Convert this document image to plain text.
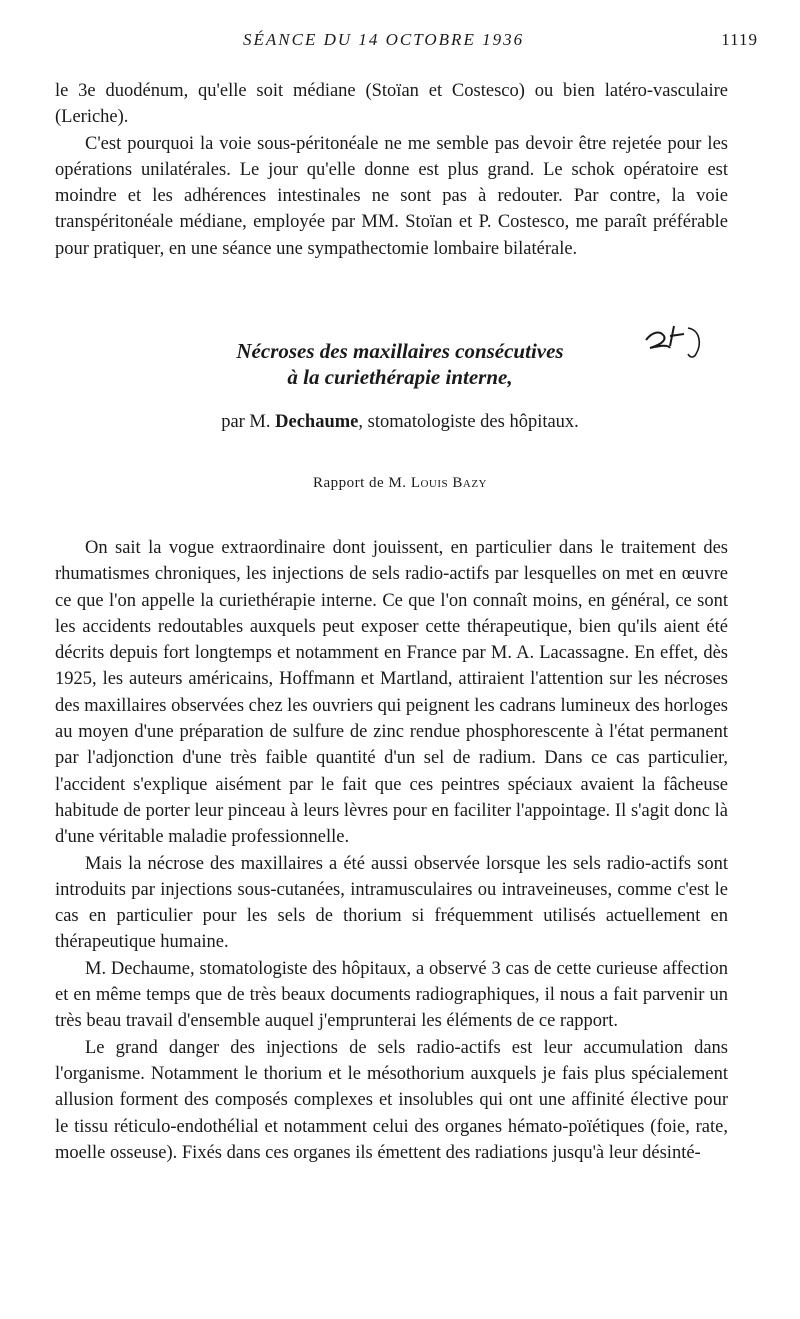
SÉANCE DU 14 OCTOBRE 1936	1119

le 3e duodénum, qu'elle soit médiane (Stoïan et Costesco) ou bien latéro-vasculaire (Leriche).

C'est pourquoi la voie sous-péritonéale ne me semble pas devoir être rejetée pour les opérations unilatérales. Le jour qu'elle donne est plus grand. Le schok opératoire est moindre et les adhérences intestinales ne sont pas à redouter. Par contre, la voie transpéritonéale médiane, employée par MM. Stoïan et P. Costesco, me paraît préférable pour pratiquer, en une séance une sympathectomie lombaire bilatérale.

Nécroses des maxillaires consécutives
à la curiethérapie interne,
par M. Dechaume, stomatologiste des hôpitaux.
Rapport de M. Louis Bazy

On sait la vogue extraordinaire dont jouissent, en particulier dans le traitement des rhumatismes chroniques, les injections de sels radio-actifs par lesquelles on met en œuvre ce que l'on appelle la curiethérapie interne. Ce que l'on connaît moins, en général, ce sont les accidents redoutables auxquels peut exposer cette thérapeutique, bien qu'ils aient été décrits depuis fort longtemps et notamment en France par M. A. Lacassagne. En effet, dès 1925, les auteurs américains, Hoffmann et Martland, attiraient l'attention sur les nécroses des maxillaires observées chez les ouvriers qui peignent les cadrans lumineux des horloges au moyen d'une préparation de sulfure de zinc rendue phosphorescente à l'état permanent par l'adjonction d'une très faible quantité d'un sel de radium. Dans ce cas particulier, l'accident s'explique aisément par le fait que ces peintres spéciaux avaient la fâcheuse habitude de porter leur pinceau à leurs lèvres pour en faciliter l'appointage. Il s'agit donc là d'une véritable maladie professionnelle.

Mais la nécrose des maxillaires a été aussi observée lorsque les sels radio-actifs sont introduits par injections sous-cutanées, intramusculaires ou intraveineuses, comme c'est le cas en particulier pour les sels de thorium si fréquemment utilisés actuellement en thérapeutique humaine.

M. Dechaume, stomatologiste des hôpitaux, a observé 3 cas de cette curieuse affection et en même temps que de très beaux documents radiographiques, il nous a fait parvenir un très beau travail d'ensemble auquel j'emprunterai les éléments de ce rapport.

Le grand danger des injections de sels radio-actifs est leur accumulation dans l'organisme. Notamment le thorium et le mésothorium auxquels je fais plus spécialement allusion forment des composés complexes et insolubles qui ont une affinité élective pour le tissu réticulo-endothélial et notamment celui des organes hémato-poïétiques (foie, rate, moelle osseuse). Fixés dans ces organes ils émettent des radiations jusqu'à leur désinté-
